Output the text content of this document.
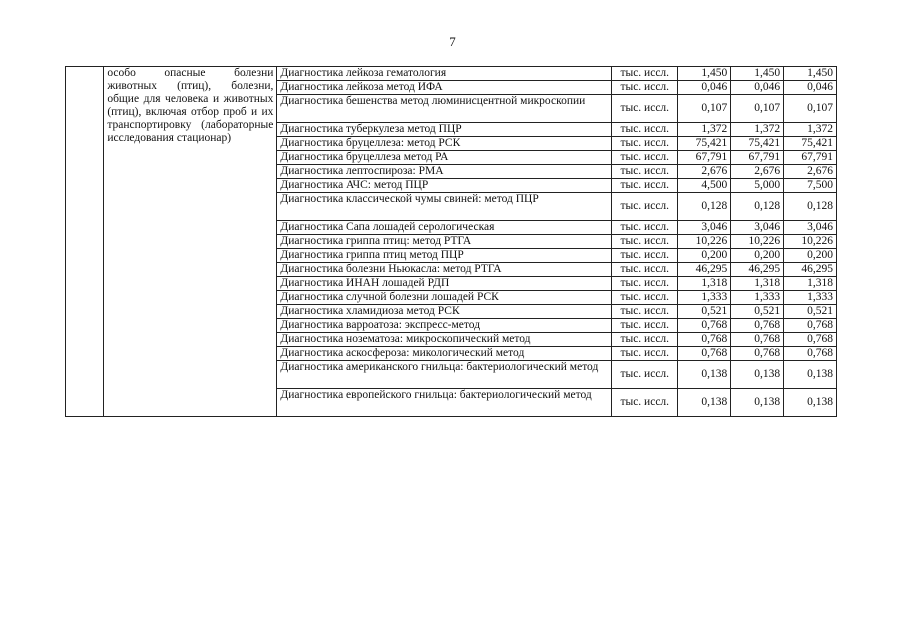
7
	особо опасные болезни животных (птиц), болезни, общие для человека и животных (птиц), включая отбор проб и их транспортировку (лабораторные исследования стационар)	Диагностика лейкоза гематология	тыс. иссл.	1,450	1,450	1,450

		Диагностика лейкоза метод ИФА	тыс. иссл.	0,046	0,046	0,046

		Диагностика бешенства метод люминисцентной микроскопии	тыс. иссл.	0,107	0,107	0,107

		Диагностика туберкулеза метод ПЦР	тыс. иссл.	1,372	1,372	1,372

		Диагностика бруцеллеза: метод РСК	тыс. иссл.	75,421	75,421	75,421

		Диагностика бруцеллеза метод РА	тыс. иссл.	67,791	67,791	67,791

		Диагностика лептоспироза: РМА	тыс. иссл.	2,676	2,676	2,676

		Диагностика АЧС: метод ПЦР	тыс. иссл.	4,500	5,000	7,500

		Диагностика классической чумы свиней: метод ПЦР	тыс. иссл.	0,128	0,128	0,128

		Диагностика Сапа лошадей серологическая	тыс. иссл.	3,046	3,046	3,046

		Диагностика гриппа птиц: метод РТГА	тыс. иссл.	10,226	10,226	10,226

		Диагностика гриппа птиц метод ПЦР	тыс. иссл.	0,200	0,200	0,200

		Диагностика болезни Ньюкасла: метод РТГА	тыс. иссл.	46,295	46,295	46,295

		Диагностика ИНАН лошадей РДП	тыс. иссл.	1,318	1,318	1,318

		Диагностика случной болезни лошадей РСК	тыс. иссл.	1,333	1,333	1,333

		Диагностика хламидиоза метод РСК	тыс. иссл.	0,521	0,521	0,521

		Диагностика варроатоза: экспресс-метод	тыс. иссл.	0,768	0,768	0,768

		Диагностика нозематоза: микроскопический метод	тыс. иссл.	0,768	0,768	0,768

		Диагностика аскосфероза: микологический метод	тыс. иссл.	0,768	0,768	0,768

		Диагностика американского гнильца: бактериологический метод	тыс. иссл.	0,138	0,138	0,138

		Диагностика европейского гнильца: бактериологический метод	тыс. иссл.	0,138	0,138	0,138
